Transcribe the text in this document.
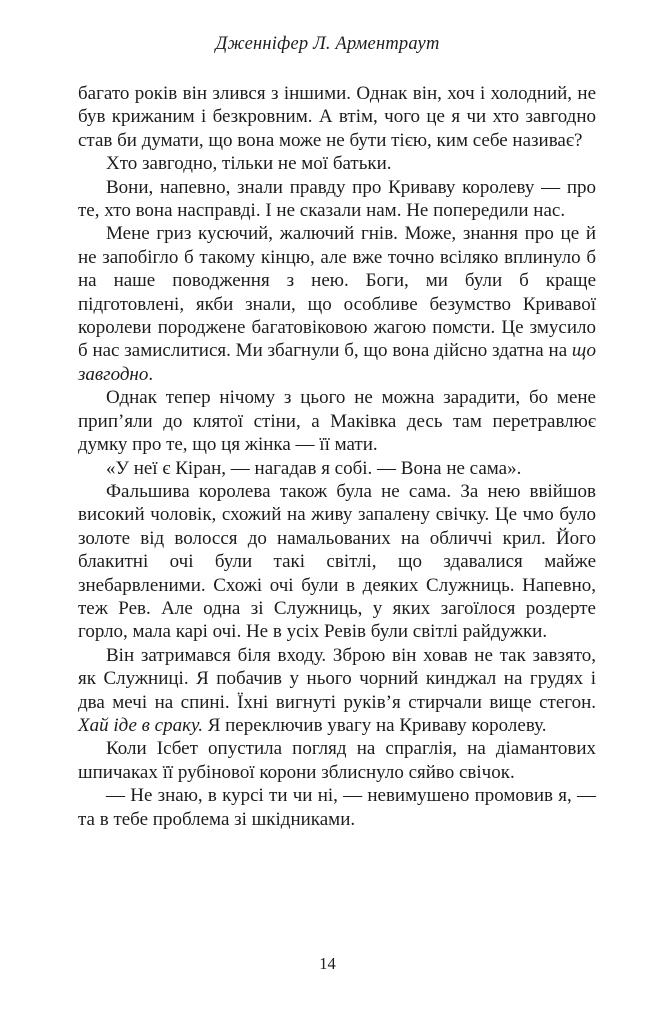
Дженніфер Л. Арментраут

багато років він злився з іншими. Однак він, хоч і холодний, не був крижаним і безкровним. А втім, чого це я чи хто завгодно став би думати, що вона може не бути тією, ким себе називає?

Хто завгодно, тільки не мої батьки.

Вони, напевно, знали правду про Криваву королеву — про те, хто вона насправді. І не сказали нам. Не попередили нас.

Мене гриз кусючий, жалючий гнів. Може, знання про це й не запобігло б такому кінцю, але вже точно всіляко вплинуло б на наше поводження з нею. Боги, ми були б краще підготовлені, якби знали, що особливе безумство Кривавої королеви породжене багатовіковою жагою помсти. Це змусило б нас замислитися. Ми збагнули б, що вона дійсно здатна на що завгодно.

Однак тепер нічому з цього не можна зарадити, бо мене прип’яли до клятої стіни, а Маківка десь там перетравлює думку про те, що ця жінка — її мати.

«У неї є Кіран, — нагадав я собі. — Вона не сама».

Фальшива королева також була не сама. За нею ввійшов високий чоловік, схожий на живу запалену свічку. Це чмо було золоте від волосся до намальованих на обличчі крил. Його блакитні очі були такі світлі, що здавалися майже знебарвленими. Схожі очі були в деяких Служниць. Напевно, теж Рев. Але одна зі Служниць, у яких загоїлося роздерте горло, мала карі очі. Не в усіх Ревів були світлі райдужки.

Він затримався біля входу. Зброю він ховав не так завзято, як Служниці. Я побачив у нього чорний кинджал на грудях і два мечі на спині. Їхні вигнуті руків’я стирчали вище стегон. Хай іде в сраку. Я переключив увагу на Криваву королеву.

Коли Ісбет опустила погляд на спраглія, на діамантових шпичаках її рубінової корони зблиснуло сяйво свічок.

— Не знаю, в курсі ти чи ні, — невимушено промовив я, — та в тебе проблема зі шкідниками.

14
